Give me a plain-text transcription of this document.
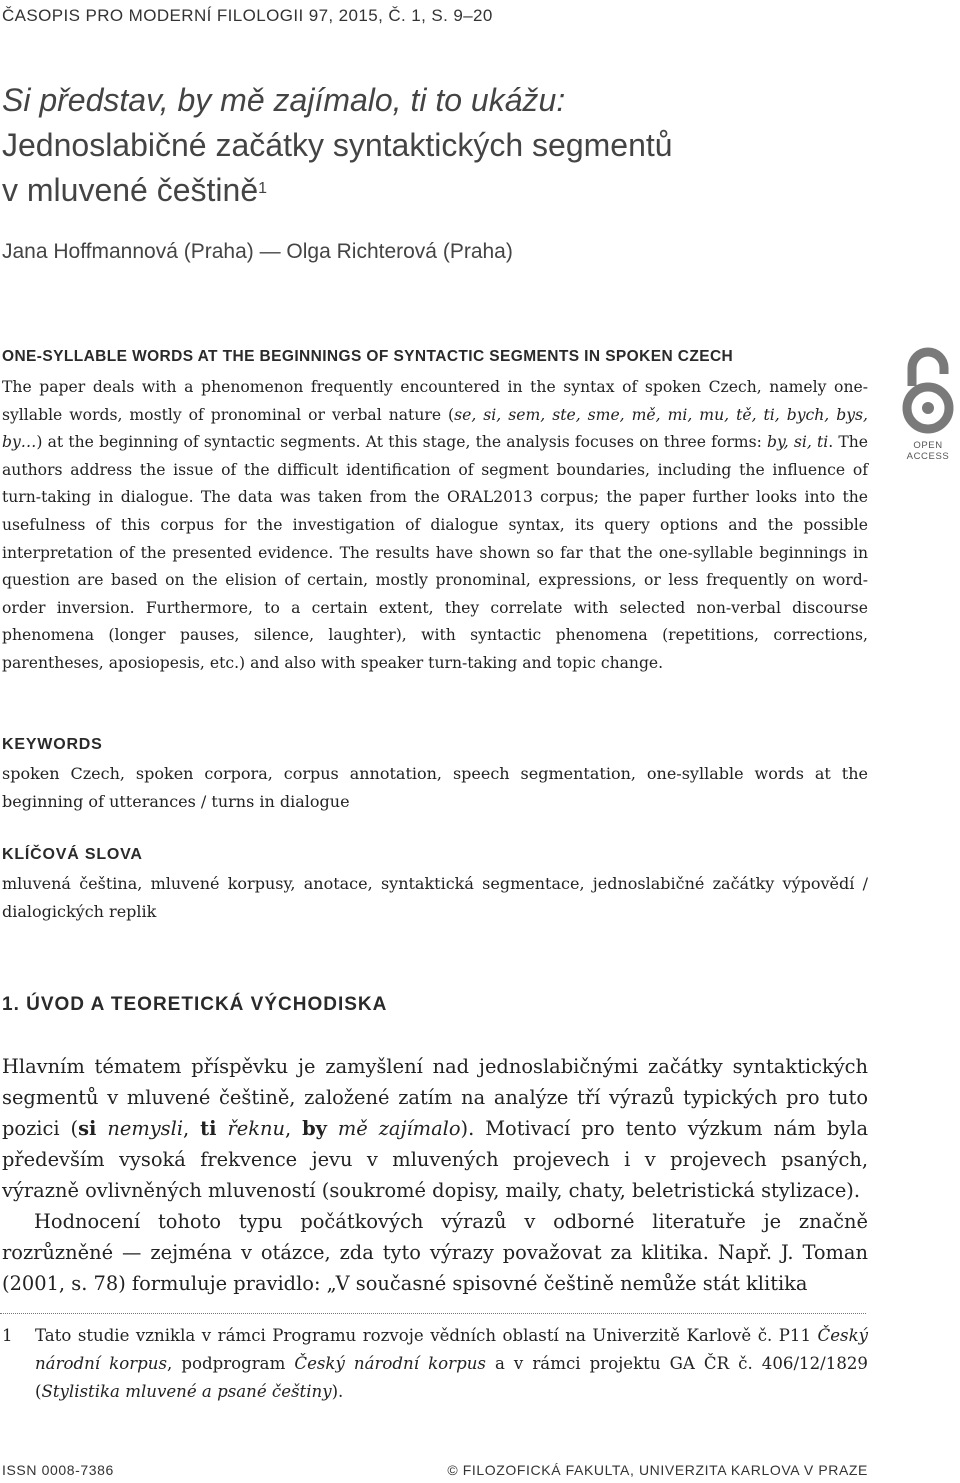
ČASOPIS PRO MODERNÍ FILOLOGII 97, 2015, Č. 1, S. 9–20
Si představ, by mě zajímalo, ti to ukážu:
Jednoslabičné začátky syntaktických segmentů
v mluvené češtině$^1$
Jana Hoffmannová (Praha) — Olga Richterová (Praha)
ONE-SYLLABLE WORDS AT THE BEGINNINGS OF SYNTACTIC SEGMENTS IN SPOKEN CZECH

The paper deals with a phenomenon frequently encountered in the syntax of spoken Czech, namely one-syllable words, mostly of pronominal or verbal nature (se, si, sem, ste, sme, mě, mi, mu, tě, ti, bych, bys, by…) at the beginning of syntactic segments. At this stage, the analysis focuses on three forms: by, si, ti. The authors address the issue of the difficult identification of segment boundaries, including the influence of turn-taking in dialogue. The data was taken from the ORAL2013 corpus; the paper further looks into the usefulness of this corpus for the investigation of dialogue syntax, its query options and the possible interpretation of the presented evidence. The results have shown so far that the one-syllable beginnings in question are based on the elision of certain, mostly pronominal, expressions, or less frequently on word-order inversion. Furthermore, to a certain extent, they correlate with selected non-verbal discourse phenomena (longer pauses, silence, laughter), with syntactic phenomena (repetitions, corrections, parentheses, aposiopesis, etc.) and also with speaker turn-taking and topic change.

OPEN ACCESS
KEYWORDS

spoken Czech, spoken corpora, corpus annotation, speech segmentation, one-syllable words at the beginning of utterances / turns in dialogue

KLÍČOVÁ SLOVA

mluvená čeština, mluvené korpusy, anotace, syntaktická segmentace, jednoslabičné začátky výpovědí / dialogických replik

1. ÚVOD A TEORETICKÁ VÝCHODISKA

Hlavním tématem příspěvku je zamyšlení nad jednoslabičnými začátky syntaktických segmentů v mluvené češtině, založené zatím na analýze tří výrazů typických pro tuto pozici (si nemysli, ti řeknu, by mě zajímalo). Motivací pro tento výzkum nám byla především vysoká frekvence jevu v mluvených projevech i v projevech psaných, výrazně ovlivněných mluveností (soukromé dopisy, maily, chaty, beletristická stylizace).

Hodnocení tohoto typu počátkových výrazů v odborné literatuře je značně rozrůzněné — zejména v otázce, zda tyto výrazy považovat za klitika. Např. J. Toman (2001, s. 78) formuluje pravidlo: „V současné spisovné češtině nemůže stát klitika

1 Tato studie vznikla v rámci Programu rozvoje vědních oblastí na Univerzitě Karlově č. P11 Český národní korpus, podprogram Český národní korpus a v rámci projektu GA ČR č. 406/12/1829 (Stylistika mluvené a psané češtiny).

ISSN 0008-7386	© FILOZOFICKÁ FAKULTA, UNIVERZITA KARLOVA V PRAZE
